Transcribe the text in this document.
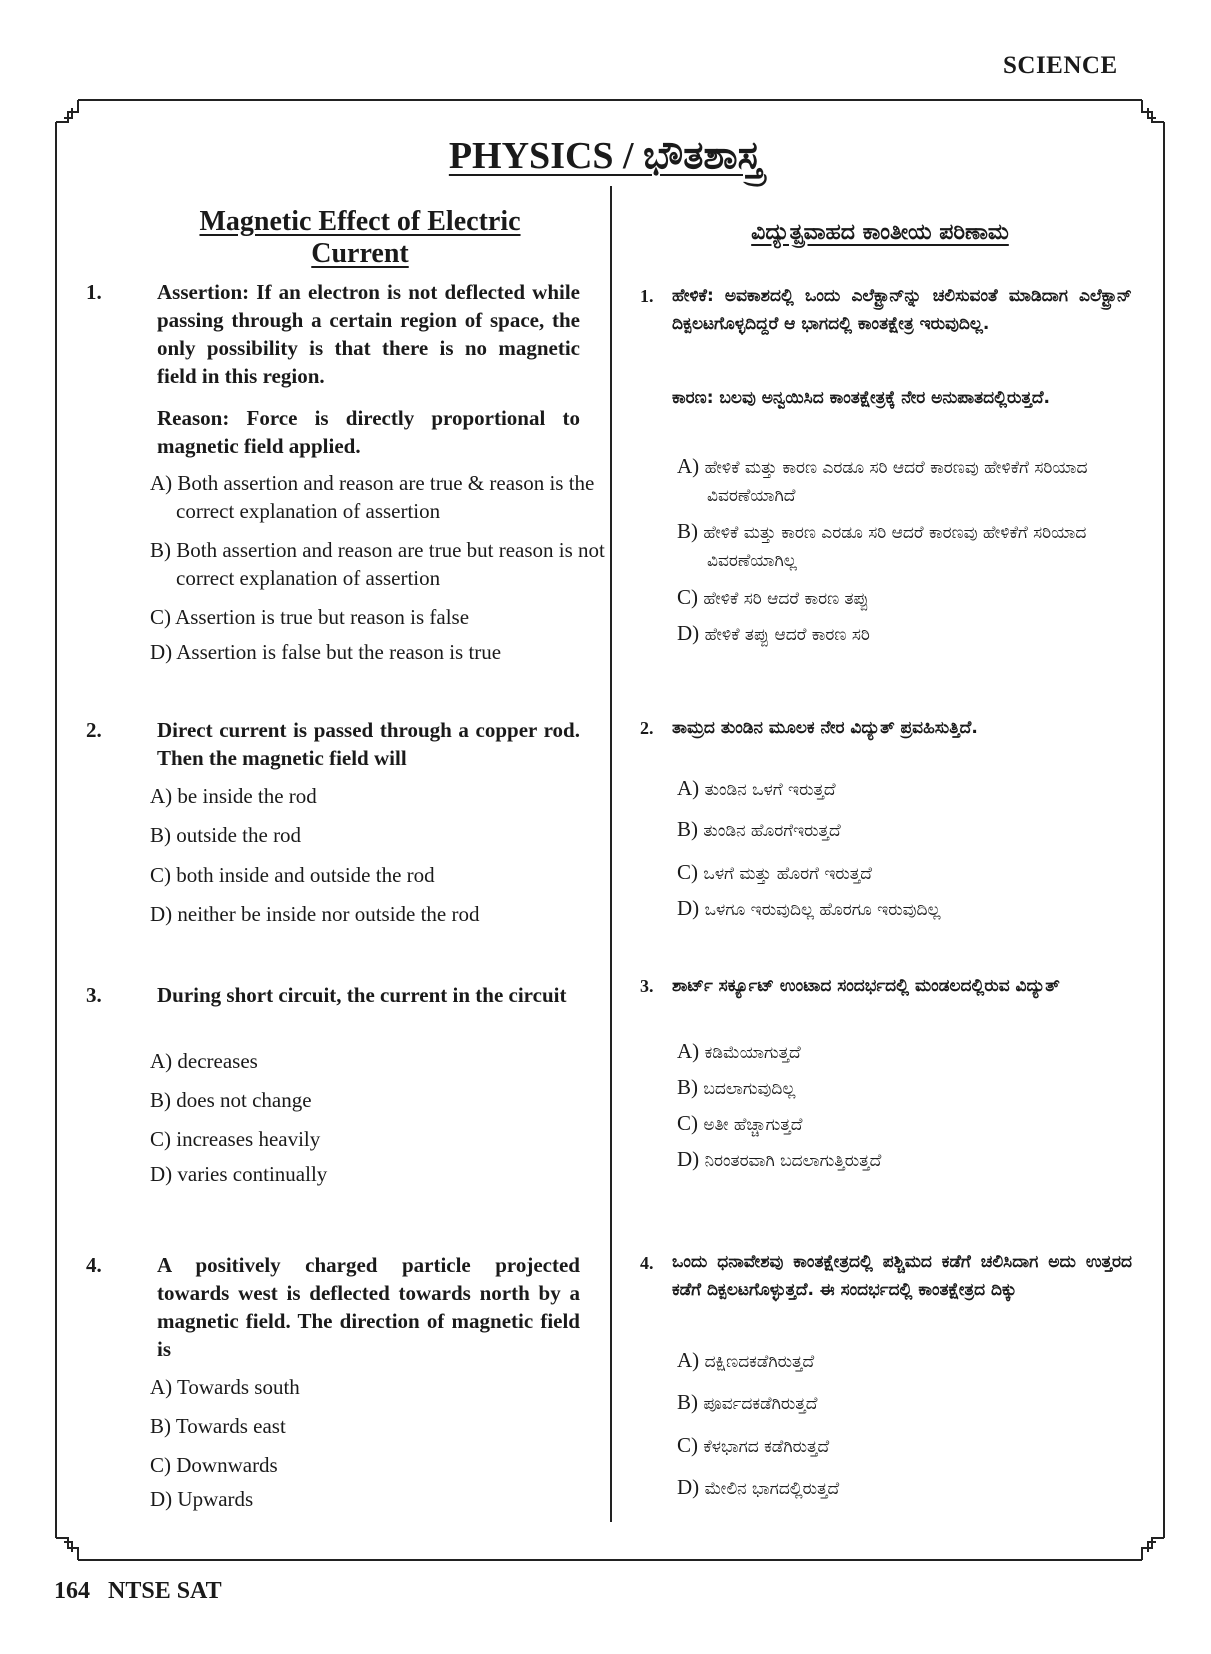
SCIENCE
PHYSICS / ಭೌತಶಾಸ್ತ್ರ
Magnetic Effect of Electric
Current
ವಿದ್ಯುತ್ಪ್ರವಾಹದ ಕಾಂತೀಯ ಪರಿಣಾಮ
1.	Assertion: If an electron is not deflected while passing through a certain region of space, the only possibility is that there is no magnetic field in this region.
Reason: Force is directly proportional to magnetic field applied.
A) Both assertion and reason are true & reason is the correct explanation of assertion
B) Both assertion and reason are true but reason is not correct explanation of assertion
C) Assertion is true but reason is false
D) Assertion is false but the reason is true
2.	Direct current is passed through a copper rod. Then the magnetic field will
A) be inside the rod
B) outside the rod
C) both inside and outside the rod
D) neither be inside nor outside the rod
3.	During short circuit, the current in the circuit
A) decreases
B) does not change
C) increases heavily
D) varies continually
4.	A positively charged particle projected towards west is deflected towards north by a magnetic field. The direction of magnetic field is
A) Towards south
B) Towards east
C) Downwards
D) Upwards
1. ಹೇಳಿಕೆ: ಅವಕಾಶದಲ್ಲಿ ಒಂದು ಎಲೆಕ್ಟ್ರಾನ್‌ನ್ನು ಚಲಿಸುವಂತೆ ಮಾಡಿದಾಗ ಎಲೆಕ್ಟ್ರಾನ್ ದಿಕ್ಪಲಟಗೊಳ್ಳದಿದ್ದರೆ ಆ ಭಾಗದಲ್ಲಿ ಕಾಂತಕ್ಷೇತ್ರ ಇರುವುದಿಲ್ಲ.
ಕಾರಣ: ಬಲವು ಅನ್ವಯಿಸಿದ ಕಾಂತಕ್ಷೇತ್ರಕ್ಕೆ ನೇರ ಅನುಪಾತದಲ್ಲಿರುತ್ತದೆ.
A) ಹೇಳಿಕೆ ಮತ್ತು ಕಾರಣ ಎರಡೂ ಸರಿ ಆದರೆ ಕಾರಣವು ಹೇಳಿಕೆಗೆ ಸರಿಯಾದ ವಿವರಣೆಯಾಗಿದೆ
B) ಹೇಳಿಕೆ ಮತ್ತು ಕಾರಣ ಎರಡೂ ಸರಿ ಆದರೆ ಕಾರಣವು ಹೇಳಿಕೆಗೆ ಸರಿಯಾದ ವಿವರಣೆಯಾಗಿಲ್ಲ
C) ಹೇಳಿಕೆ ಸರಿ ಆದರೆ ಕಾರಣ ತಪ್ಪು
D) ಹೇಳಿಕೆ ತಪ್ಪು ಆದರೆ ಕಾರಣ ಸರಿ
2. ತಾಮ್ರದ ತುಂಡಿನ ಮೂಲಕ ನೇರ ವಿದ್ಯುತ್ ಪ್ರವಹಿಸುತ್ತಿದೆ.
A) ತುಂಡಿನ ಒಳಗೆ ಇರುತ್ತದೆ
B) ತುಂಡಿನ ಹೊರಗೆಇರುತ್ತದೆ
C) ಒಳಗೆ ಮತ್ತು ಹೊರಗೆ ಇರುತ್ತದೆ
D) ಒಳಗೂ ಇರುವುದಿಲ್ಲ ಹೊರಗೂ ಇರುವುದಿಲ್ಲ
3. ಶಾರ್ಟ್ ಸರ್ಕ್ಯೂಟ್ ಉಂಟಾದ ಸಂದರ್ಭದಲ್ಲಿ ಮಂಡಲದಲ್ಲಿರುವ ವಿದ್ಯುತ್
A) ಕಡಿಮೆಯಾಗುತ್ತದೆ
B) ಬದಲಾಗುವುದಿಲ್ಲ
C) ಅತೀ ಹೆಚ್ಚಾಗುತ್ತದೆ
D) ನಿರಂತರವಾಗಿ ಬದಲಾಗುತ್ತಿರುತ್ತದೆ
4. ಒಂದು ಧನಾವೇಶವು ಕಾಂತಕ್ಷೇತ್ರದಲ್ಲಿ ಪಶ್ಚಿಮದ ಕಡೆಗೆ ಚಲಿಸಿದಾಗ ಅದು ಉತ್ತರದ ಕಡೆಗೆ ದಿಕ್ಪಲಟಗೊಳ್ಳುತ್ತದೆ. ಈ ಸಂದರ್ಭದಲ್ಲಿ ಕಾಂತಕ್ಷೇತ್ರದ ದಿಕ್ಕು
A) ದಕ್ಷಿಣದಕಡೆಗಿರುತ್ತದೆ
B) ಪೂರ್ವದಕಡೆಗಿರುತ್ತದೆ
C) ಕೆಳಭಾಗದ ಕಡೆಗಿರುತ್ತದೆ
D) ಮೇಲಿನ ಭಾಗದಲ್ಲಿರುತ್ತದೆ
164 NTSE SAT
